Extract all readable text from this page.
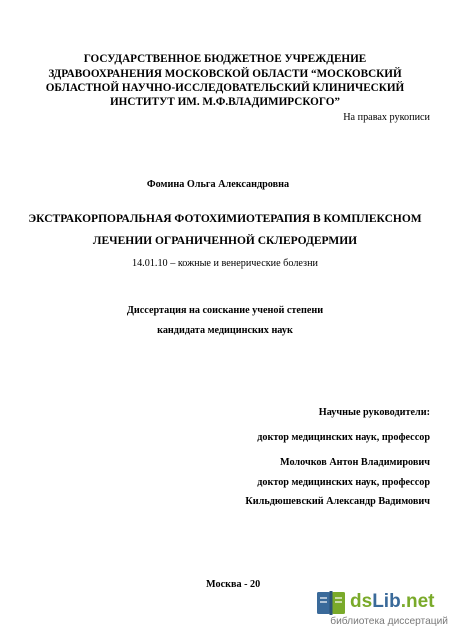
ГОСУДАРСТВЕННОЕ БЮДЖЕТНОЕ УЧРЕЖДЕНИЕ
ЗДРАВООХРАНЕНИЯ МОСКОВСКОЙ ОБЛАСТИ “МОСКОВСКИЙ
ОБЛАСТНОЙ НАУЧНО-ИССЛЕДОВАТЕЛЬСКИЙ КЛИНИЧЕСКИЙ
ИНСТИТУТ ИМ. М.Ф.ВЛАДИМИРСКОГО”
На правах рукописи
Фомина Ольга Александровна
ЭКСТРАКОРПОРАЛЬНАЯ ФОТОХИМИОТЕРАПИЯ В КОМПЛЕКСНОМ
ЛЕЧЕНИИ ОГРАНИЧЕННОЙ СКЛЕРОДЕРМИИ
14.01.10 – кожные и венерические болезни
Диссертация на соискание ученой степени
кандидата медицинских наук
Научные руководители:
доктор медицинских наук, профессор
Молочков Антон Владимирович
доктор медицинских наук, профессор
Кильдюшевский Александр Вадимович
Москва - 20
dsLib.net
библиотека диссертаций
